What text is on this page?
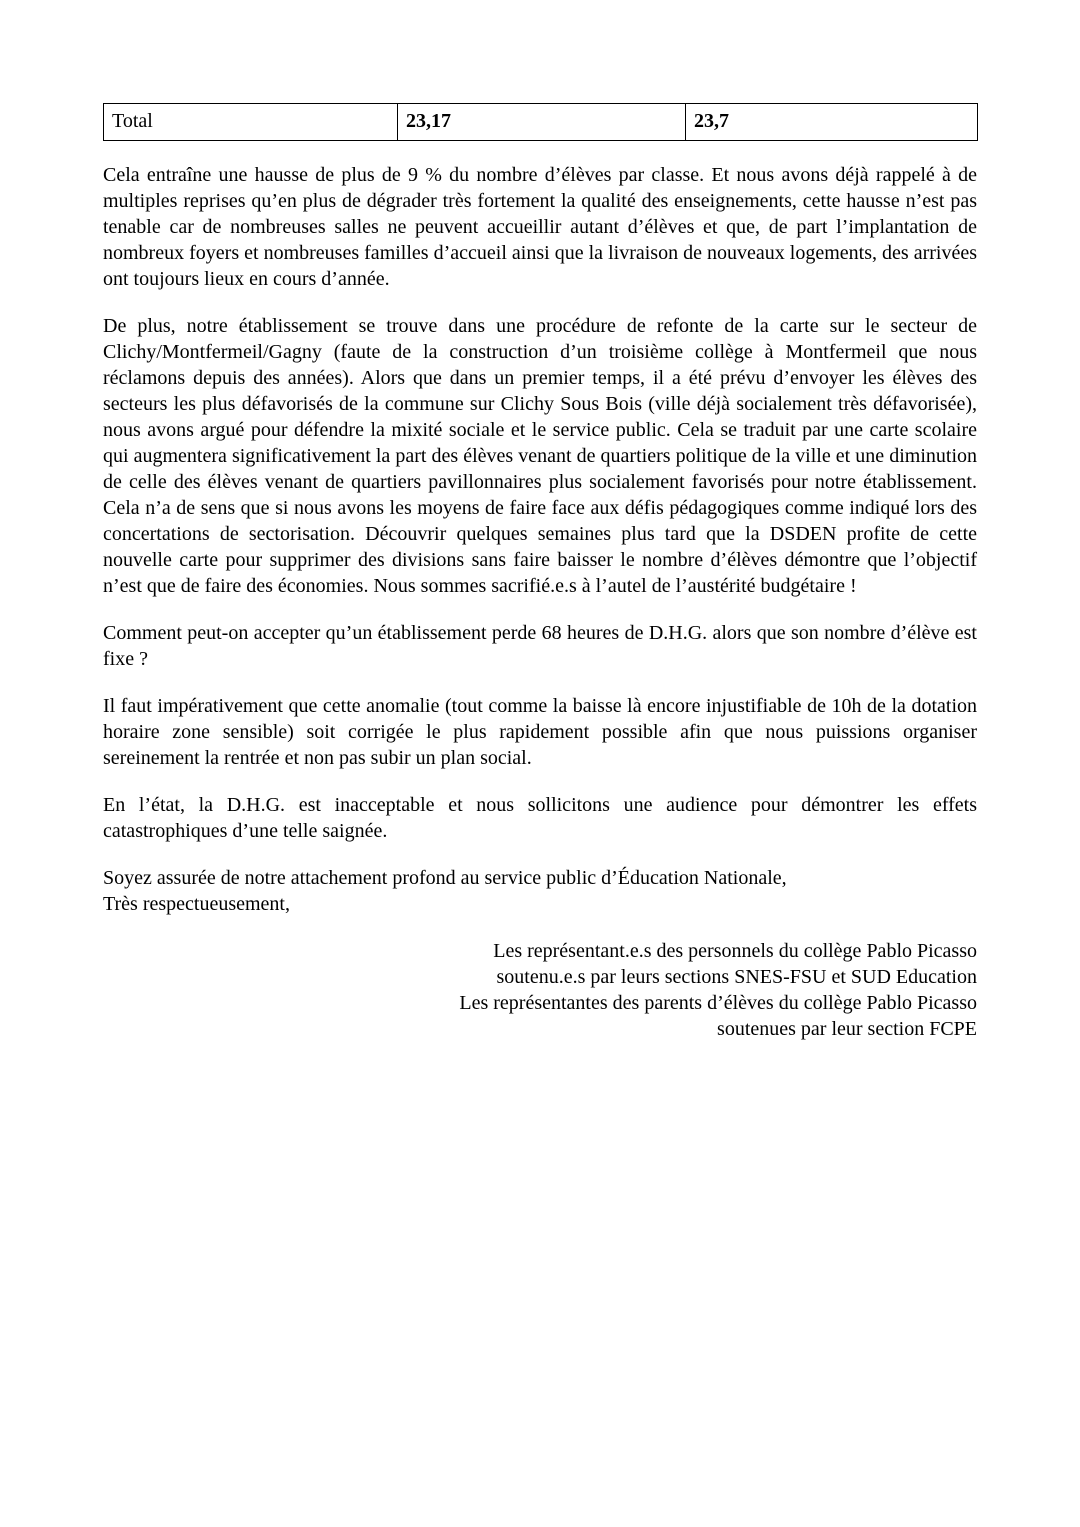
Total	23,17	23,7

Cela entraîne une hausse de plus de 9 % du nombre d’élèves par classe. Et nous avons déjà rappelé à de multiples reprises qu’en plus de dégrader très fortement la qualité des enseignements, cette hausse n’est pas tenable car de nombreuses salles ne peuvent accueillir autant d’élèves et que, de part l’implantation de nombreux foyers et nombreuses familles d’accueil ainsi que la livraison de nouveaux logements, des arrivées ont toujours lieux en cours d’année.

De plus, notre établissement se trouve dans une procédure de refonte de la carte sur le secteur de Clichy/Montfermeil/Gagny (faute de la construction d’un troisième collège à Montfermeil que nous réclamons depuis des années). Alors que dans un premier temps, il a été prévu d’envoyer les élèves des secteurs les plus défavorisés de la commune sur Clichy Sous Bois (ville déjà socialement très défavorisée), nous avons argué pour défendre la mixité sociale et le service public. Cela se traduit par une carte scolaire qui augmentera significativement la part des élèves venant de quartiers politique de la ville et une diminution de celle des élèves venant de quartiers pavillonnaires plus socialement favorisés pour notre établissement. Cela n’a de sens que si nous avons les moyens de faire face aux défis pédagogiques comme indiqué lors des concertations de sectorisation. Découvrir quelques semaines plus tard que la DSDEN profite de cette nouvelle carte pour supprimer des divisions sans faire baisser le nombre d’élèves démontre que l’objectif n’est que de faire des économies. Nous sommes sacrifié.e.s à l’autel de l’austérité budgétaire !

Comment peut-on accepter qu’un établissement perde 68 heures de D.H.G. alors que son nombre d’élève est fixe ?

Il faut impérativement que cette anomalie (tout comme la baisse là encore injustifiable de 10h de la dotation horaire zone sensible) soit corrigée le plus rapidement possible afin que nous puissions organiser sereinement la rentrée et non pas subir un plan social.

En l’état, la D.H.G. est inacceptable et nous sollicitons une audience pour démontrer les effets catastrophiques d’une telle saignée.

Soyez assurée de notre attachement profond au service public d’Éducation Nationale,
Très respectueusement,
Les représentant.e.s des personnels du collège Pablo Picasso
soutenu.e.s par leurs sections SNES-FSU et SUD Education
Les représentantes des parents d’élèves du collège Pablo Picasso
soutenues par leur section FCPE
